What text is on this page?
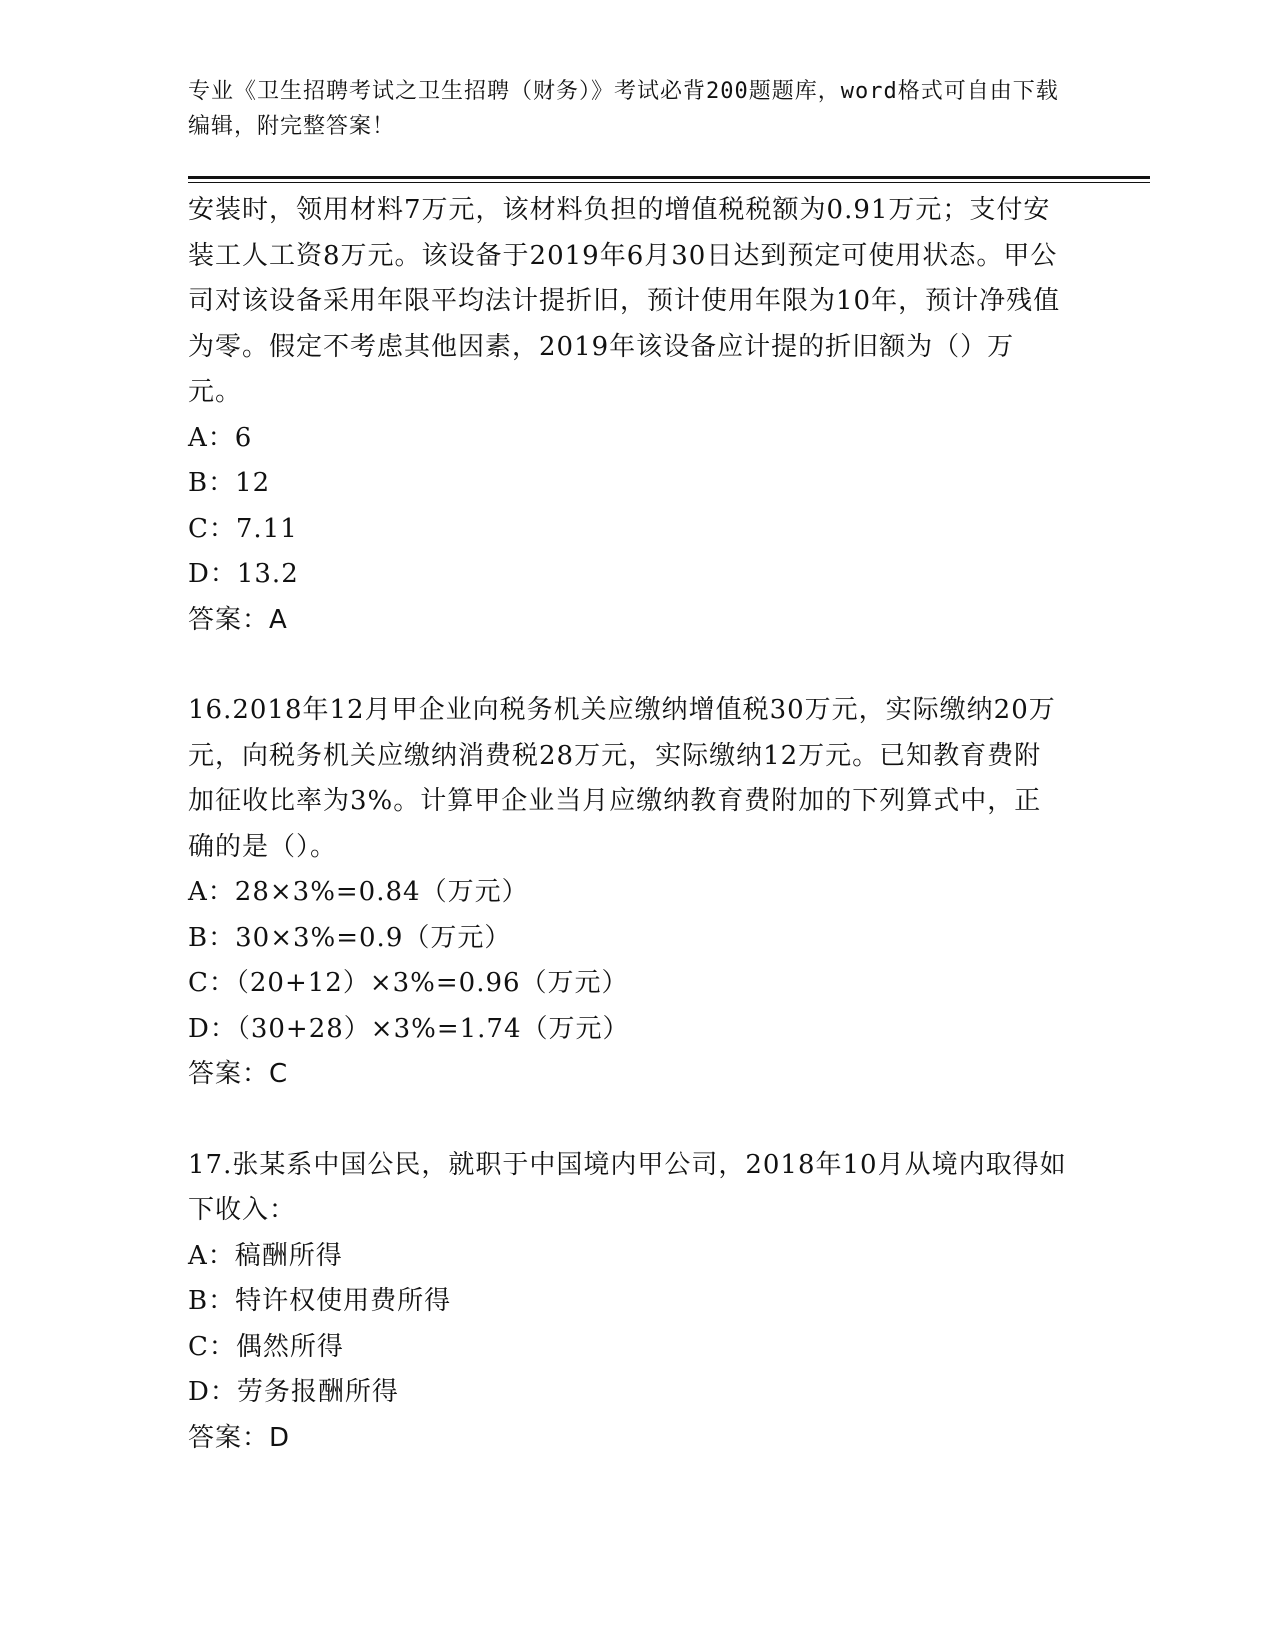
专业《卫生招聘考试之卫生招聘（财务）》考试必背200题题库，word格式可自由下载编辑，附完整答案！

安装时，领用材料7万元，该材料负担的增值税税额为0.91万元；支付安装工人工资8万元。该设备于2019年6月30日达到预定可使用状态。甲公司对该设备采用年限平均法计提折旧，预计使用年限为10年，预计净残值为零。假定不考虑其他因素，2019年该设备应计提的折旧额为（）万元。

A：6

B：12

C：7.11

D：13.2

答案：A

16.2018年12月甲企业向税务机关应缴纳增值税30万元，实际缴纳20万元，向税务机关应缴纳消费税28万元，实际缴纳12万元。已知教育费附加征收比率为3%。计算甲企业当月应缴纳教育费附加的下列算式中，正确的是（）。

A：28×3%=0.84（万元）

B：30×3%=0.9（万元）

C：（20+12）×3%=0.96（万元）

D：（30+28）×3%=1.74（万元）

答案：C

17.张某系中国公民，就职于中国境内甲公司，2018年10月从境内取得如下收入：

A：稿酬所得

B：特许权使用费所得

C：偶然所得

D：劳务报酬所得

答案：D
